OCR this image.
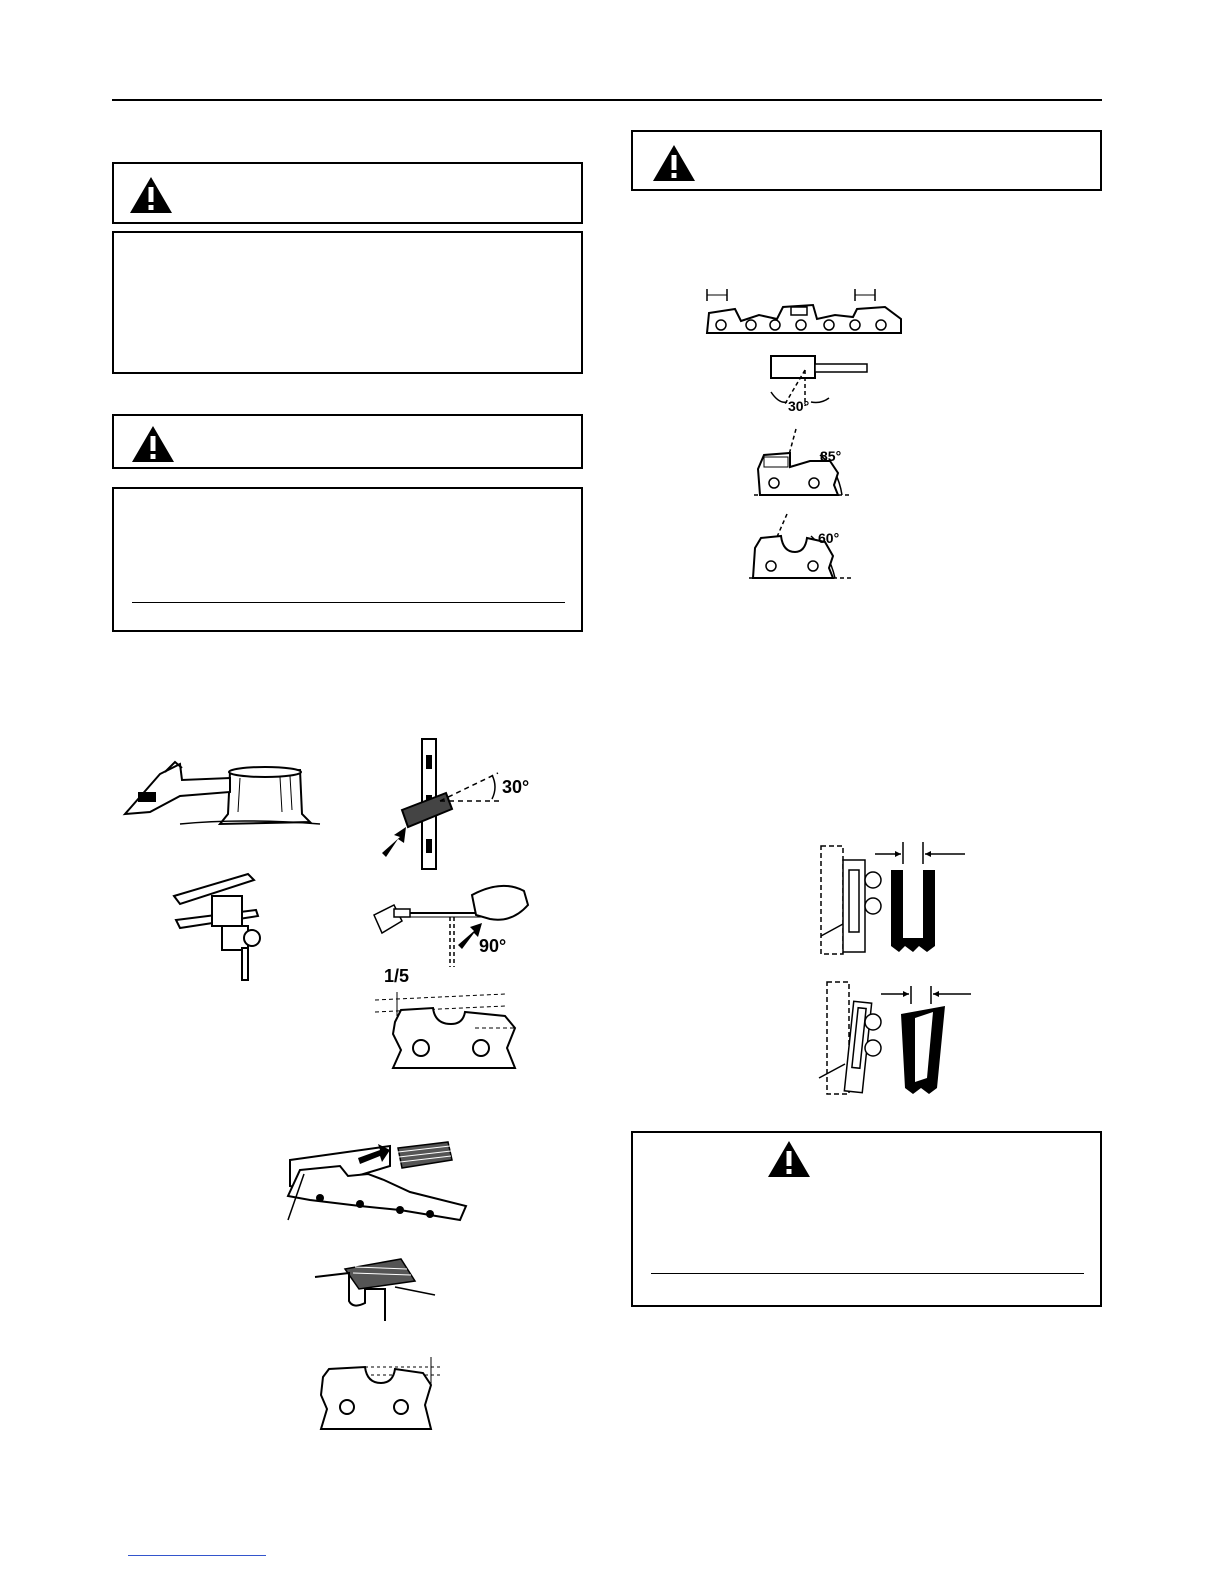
30°
90°
1/5
30°
85°
60°
